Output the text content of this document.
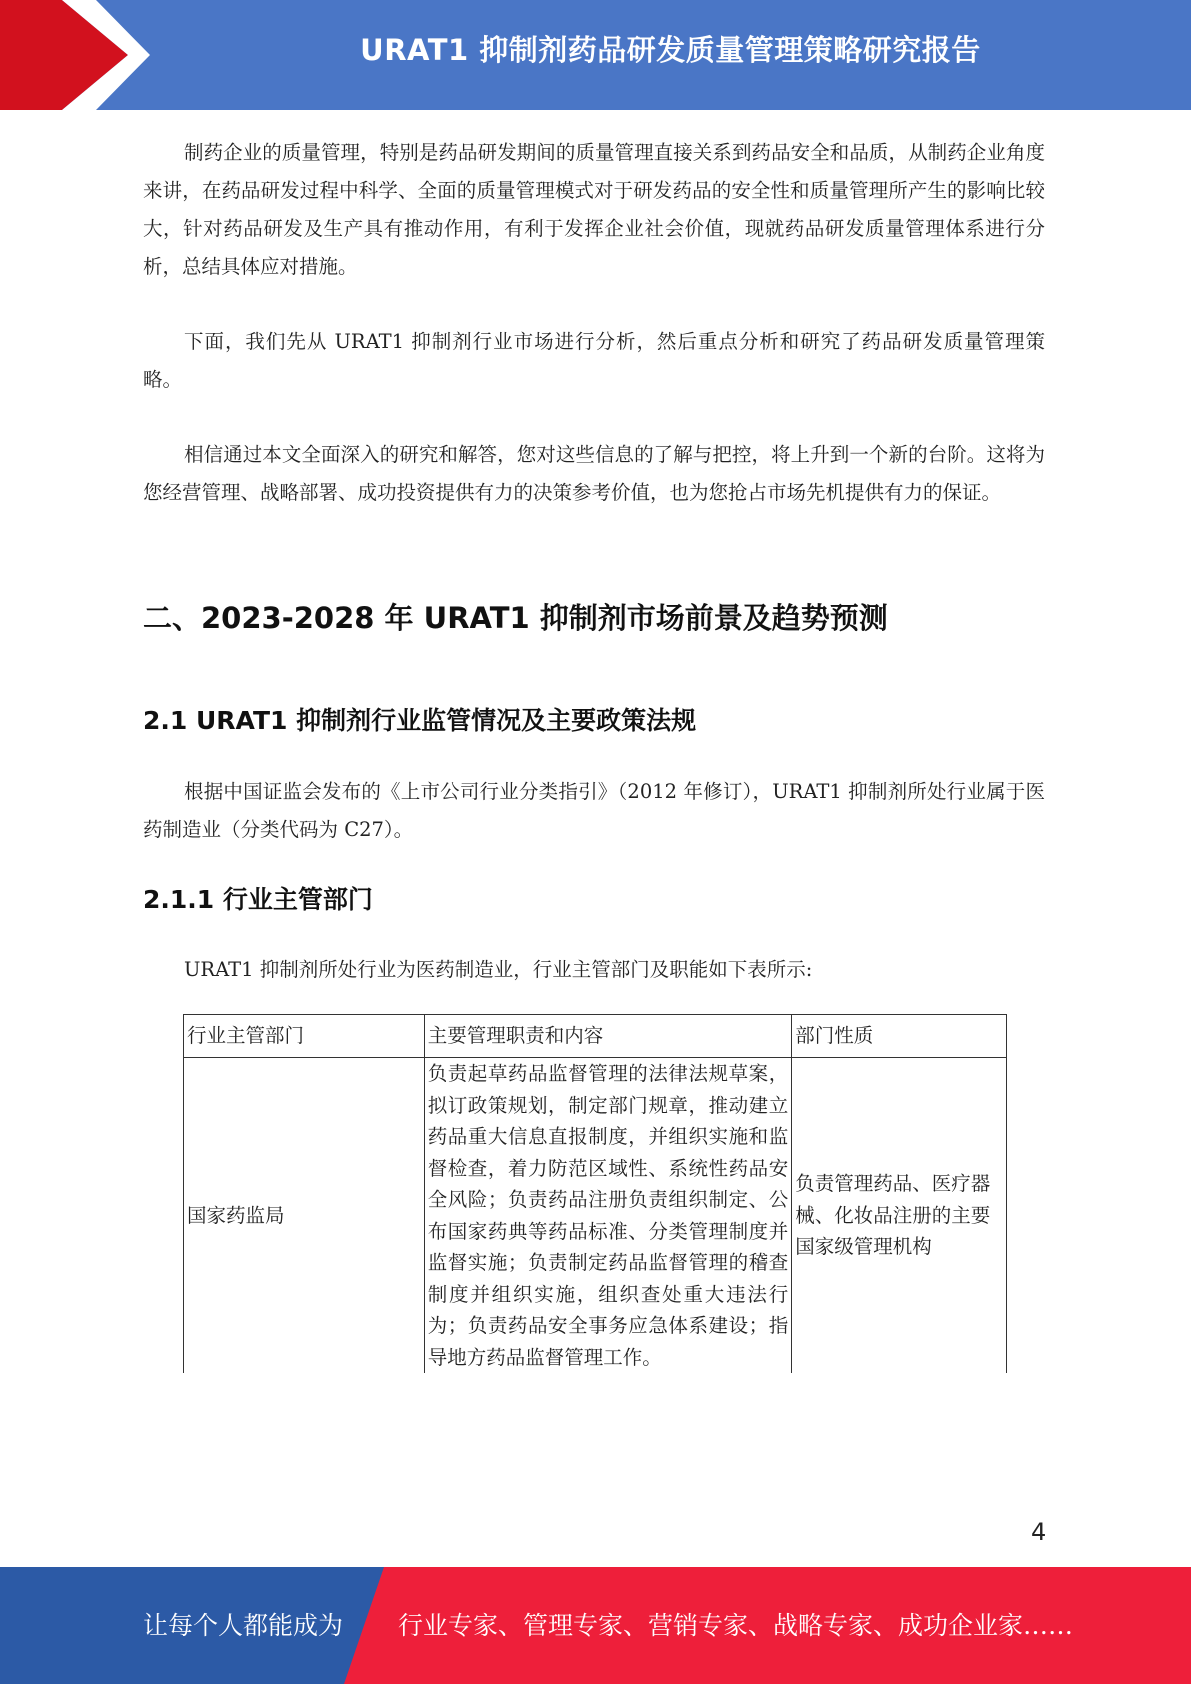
URAT1 抑制剂药品研发质量管理策略研究报告

制药企业的质量管理，特别是药品研发期间的质量管理直接关系到药品安全和品质，从制药企业角度来讲，在药品研发过程中科学、全面的质量管理模式对于研发药品的安全性和质量管理所产生的影响比较大，针对药品研发及生产具有推动作用，有利于发挥企业社会价值，现就药品研发质量管理体系进行分析，总结具体应对措施。

下面，我们先从 URAT1 抑制剂行业市场进行分析，然后重点分析和研究了药品研发质量管理策略。

相信通过本文全面深入的研究和解答，您对这些信息的了解与把控，将上升到一个新的台阶。这将为您经营管理、战略部署、成功投资提供有力的决策参考价值，也为您抢占市场先机提供有力的保证。

二、2023-2028 年 URAT1 抑制剂市场前景及趋势预测
2.1 URAT1 抑制剂行业监管情况及主要政策法规

根据中国证监会发布的《上市公司行业分类指引》（2012 年修订），URAT1 抑制剂所处行业属于医药制造业（分类代码为 C27）。

2.1.1 行业主管部门

URAT1 抑制剂所处行业为医药制造业，行业主管部门及职能如下表所示:

行业主管部门	主要管理职责和内容	部门性质
国家药监局	负责起草药品监督管理的法律法规草案，拟订政策规划，制定部门规章，推动建立药品重大信息直报制度，并组织实施和监督检查，着力防范区域性、系统性药品安全风险；负责药品注册负责组织制定、公布国家药典等药品标准、分类管理制度并监督实施；负责制定药品监督管理的稽查制度并组织实施，组织查处重大违法行为；负责药品安全事务应急体系建设；指导地方药品监督管理工作。	负责管理药品、医疗器械、化妆品注册的主要国家级管理机构
4
让每个人都能成为 行业专家、管理专家、营销专家、战略专家、成功企业家……
